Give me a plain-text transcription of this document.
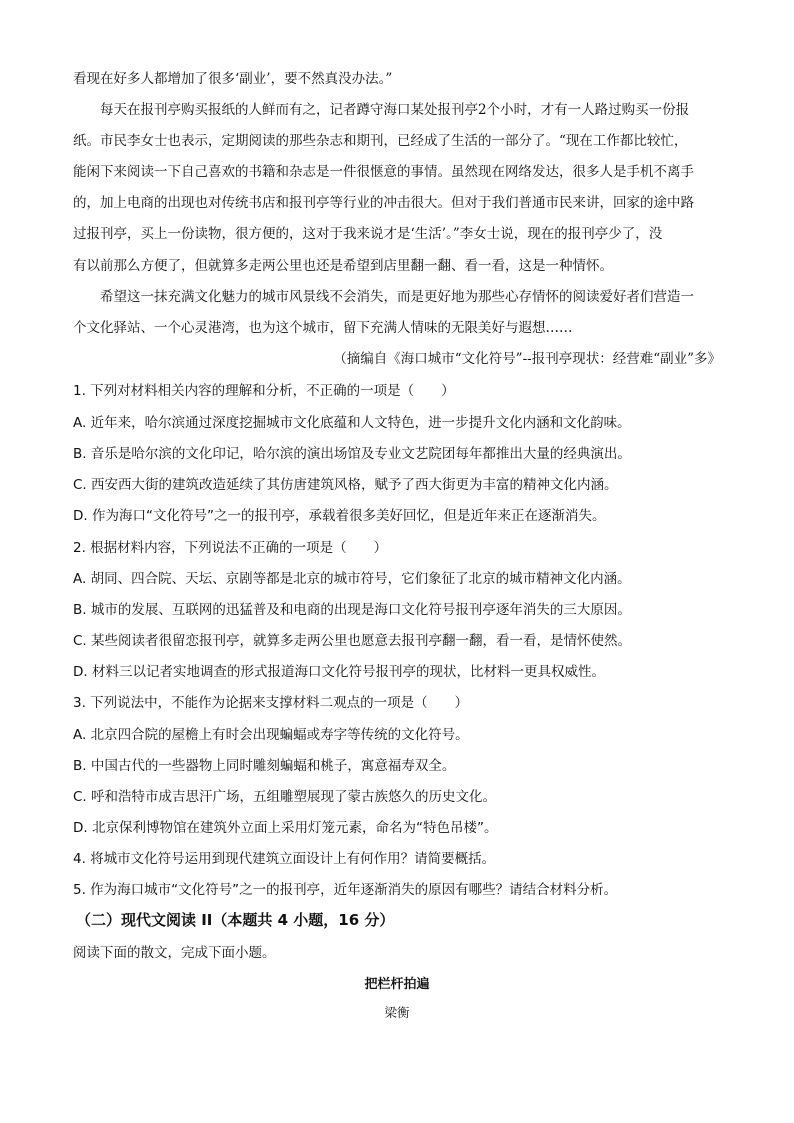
看现在好多人都增加了很多‘副业’，要不然真没办法。”
每天在报刊亭购买报纸的人鲜而有之，记者蹲守海口某处报刊亭2个小时，才有一人路过购买一份报
纸。市民李女士也表示，定期阅读的那些杂志和期刊，已经成了生活的一部分了。“现在工作都比较忙，
能闲下来阅读一下自己喜欢的书籍和杂志是一件很惬意的事情。虽然现在网络发达，很多人是手机不离手
的，加上电商的出现也对传统书店和报刊亭等行业的冲击很大。但对于我们普通市民来讲，回家的途中路
过报刊亭，买上一份读物，很方便的，这对于我来说才是‘生活’。”李女士说，现在的报刊亭少了，没
有以前那么方便了，但就算多走两公里也还是希望到店里翻一翻、看一看，这是一种情怀。
希望这一抹充满文化魅力的城市风景线不会消失，而是更好地为那些心存情怀的阅读爱好者们营造一
个文化驿站、一个心灵港湾，也为这个城市，留下充满人情味的无限美好与遐想……
（摘编自《海口城市“文化符号”--报刊亭现状：经营难“副业”多》
1. 下列对材料相关内容的理解和分析，不正确的一项是（　　）
A. 近年来，哈尔滨通过深度挖掘城市文化底蕴和人文特色，进一步提升文化内涵和文化韵味。
B. 音乐是哈尔滨的文化印记，哈尔滨的演出场馆及专业文艺院团每年都推出大量的经典演出。
C. 西安西大街的建筑改造延续了其仿唐建筑风格，赋予了西大街更为丰富的精神文化内涵。
D. 作为海口“文化符号”之一的报刊亭，承载着很多美好回忆，但是近年来正在逐渐消失。
2. 根据材料内容，下列说法不正确的一项是（　　）
A. 胡同、四合院、天坛、京剧等都是北京的城市符号，它们象征了北京的城市精神文化内涵。
B. 城市的发展、互联网的迅猛普及和电商的出现是海口文化符号报刊亭逐年消失的三大原因。
C. 某些阅读者很留恋报刊亭，就算多走两公里也愿意去报刊亭翻一翻，看一看，是情怀使然。
D. 材料三以记者实地调查的形式报道海口文化符号报刊亭的现状，比材料一更具权威性。
3. 下列说法中，不能作为论据来支撑材料二观点的一项是（　　）
A. 北京四合院的屋檐上有时会出现蝙蝠或寿字等传统的文化符号。
B. 中国古代的一些器物上同时雕刻蝙蝠和桃子，寓意福寿双全。
C. 呼和浩特市成吉思汗广场，五组雕塑展现了蒙古族悠久的历史文化。
D. 北京保利博物馆在建筑外立面上采用灯笼元素，命名为“特色吊楼”。
4. 将城市文化符号运用到现代建筑立面设计上有何作用？请简要概括。
5. 作为海口城市“文化符号”之一的报刊亭，近年逐渐消失的原因有哪些？请结合材料分析。
（二）现代文阅读 II（本题共 4 小题，16 分）
阅读下面的散文，完成下面小题。
把栏杆拍遍
梁衡
